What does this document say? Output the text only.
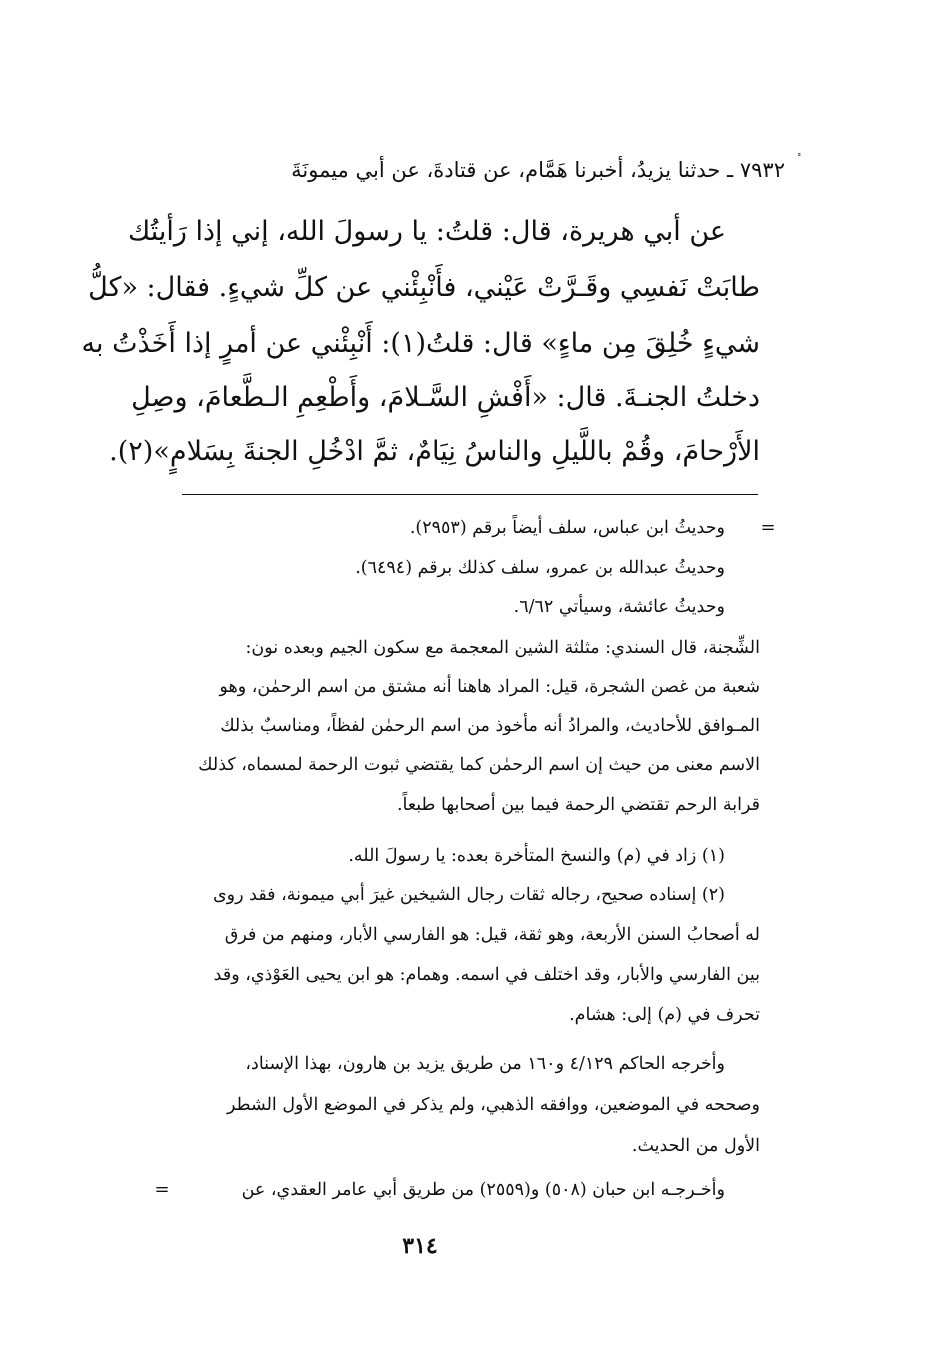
٧٩٣٢ ـ حدثنا يزيدُ، أخبرنا هَمَّام، عن قتادةَ، عن أبي ميمونَةَ
عن أبي هريرة، قال: قلتُ: يا رسولَ الله، إني إذا رَأيتُك
طابَتْ نَفسِي وقَـرَّتْ عَيْني، فأَنْبِئْني عن كلِّ شيءٍ. فقال: «كلُّ
شيءٍ خُلِقَ مِن ماءٍ» قال: قلتُ(١): أَنْبِئْني عن أمرٍ إذا أَخَذْتُ به
دخلتُ الجنـةَ. قال: «أَفْشِ السَّـلامَ، وأَطْعِمِ الـطَّعامَ، وصِلِ
الأَرْحامَ، وقُمْ باللَّيلِ والناسُ نِيَامٌ، ثمَّ ادْخُلِ الجنةَ بِسَلامٍ»(٢).
=
وحديثُ ابن عباس، سلف أيضاً برقم (٢٩٥٣).
وحديثُ عبدالله بن عمرو، سلف كذلك برقم (٦٤٩٤).
وحديثُ عائشة، وسيأتي ٦/٦٢.
الشِّجنة، قال السندي: مثلثة الشين المعجمة مع سكون الجيم وبعده نون:
شعبة من غصن الشجرة، قيل: المراد هاهنا أنه مشتق من اسم الرحمٰن، وهو
المـوافق للأحاديث، والمرادُ أنه مأخوذ من اسم الرحمٰن لفظاً، ومناسبٌ بذلك
الاسم معنى من حيث إن اسم الرحمٰن كما يقتضي ثبوت الرحمة لمسماه، كذلك
قرابة الرحم تقتضي الرحمة فيما بين أصحابها طبعاً.
(١) زاد في (م) والنسخ المتأخرة بعده: يا رسولَ الله.
(٢) إسناده صحيح، رجاله ثقات رجال الشيخين غيرَ أبي ميمونة، فقد روى
له أصحابُ السنن الأربعة، وهو ثقة، قيل: هو الفارسي الأبار، ومنهم من فرق
بين الفارسي والأبار، وقد اختلف في اسمه. وهمام: هو ابن يحيى العَوْذي، وقد
تحرف في (م) إلى: هشام.
وأخرجه الحاكم ٤/١٢٩ و١٦٠ من طريق يزيد بن هارون، بهذا الإسناد،
وصححه في الموضعين، ووافقه الذهبي، ولم يذكر في الموضع الأول الشطر
الأول من الحديث.
وأخـرجـه ابن حبان (٥٠٨) و(٢٥٥٩) من طريق أبي عامر العقدي، عن
=
٣١٤
